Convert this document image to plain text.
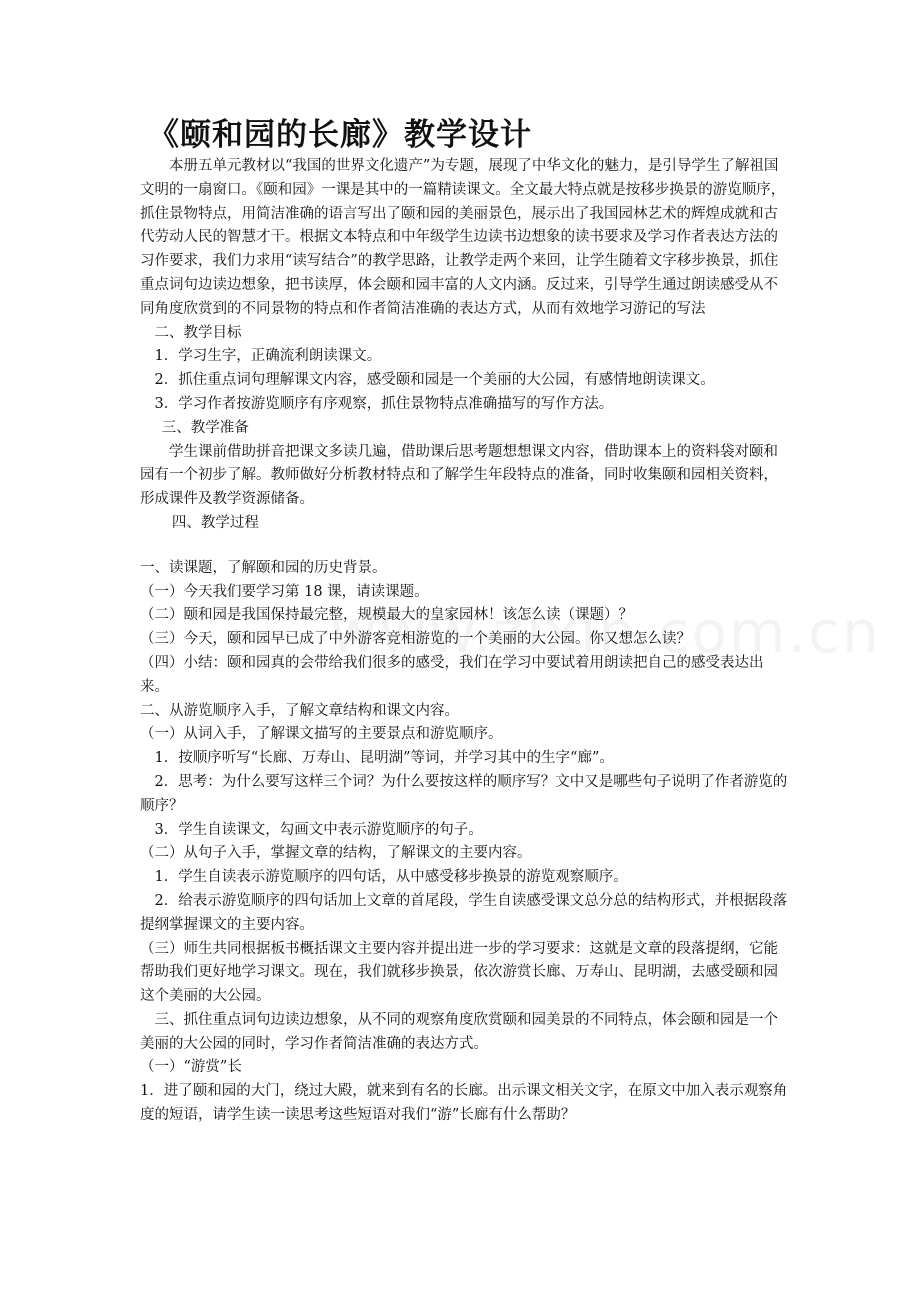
《颐和园的长廊》教学设计

本册五单元教材以“我国的世界文化遗产”为专题，展现了中华文化的魅力，是引导学生了解祖国文明的一扇窗口。《颐和园》一课是其中的一篇精读课文。全文最大特点就是按移步换景的游览顺序，抓住景物特点，用简洁准确的语言写出了颐和园的美丽景色，展示出了我国园林艺术的辉煌成就和古代劳动人民的智慧才干。根据文本特点和中年级学生边读书边想象的读书要求及学习作者表达方法的习作要求，我们力求用“读写结合”的教学思路，让教学走两个来回，让学生随着文字移步换景，抓住重点词句边读边想象，把书读厚，体会颐和园丰富的人文内涵。反过来，引导学生通过朗读感受从不同角度欣赏到的不同景物的特点和作者简洁准确的表达方式，从而有效地学习游记的写法

二、教学目标

1．学习生字，正确流利朗读课文。

2．抓住重点词句理解课文内容，感受颐和园是一个美丽的大公园，有感情地朗读课文。

3．学习作者按游览顺序有序观察，抓住景物特点准确描写的写作方法。

三、教学准备

学生课前借助拼音把课文多读几遍，借助课后思考题想想课文内容，借助课本上的资料袋对颐和园有一个初步了解。教师做好分析教材特点和了解学生年段特点的准备，同时收集颐和园相关资料，形成课件及教学资源储备。

四、教学过程

一、读课题，了解颐和园的历史背景。

（一）今天我们要学习第 18 课，请读课题。

（二）颐和园是我国保持最完整，规模最大的皇家园林！该怎么读（课题）？

（三）今天，颐和园早已成了中外游客竞相游览的一个美丽的大公园。你又想怎么读？

（四）小结：颐和园真的会带给我们很多的感受，我们在学习中要试着用朗读把自己的感受表达出来。

二、从游览顺序入手，了解文章结构和课文内容。

（一）从词入手，了解课文描写的主要景点和游览顺序。

1．按顺序听写“长廊、万寿山、昆明湖”等词，并学习其中的生字“廊”。

2．思考：为什么要写这样三个词？为什么要按这样的顺序写？文中又是哪些句子说明了作者游览的顺序？

3．学生自读课文，勾画文中表示游览顺序的句子。

（二）从句子入手，掌握文章的结构，了解课文的主要内容。

1．学生自读表示游览顺序的四句话，从中感受移步换景的游览观察顺序。

2．给表示游览顺序的四句话加上文章的首尾段，学生自读感受课文总分总的结构形式，并根据段落提纲掌握课文的主要内容。

（三）师生共同根据板书概括课文主要内容并提出进一步的学习要求：这就是文章的段落提纲，它能帮助我们更好地学习课文。现在，我们就移步换景，依次游赏长廊、万寿山、昆明湖，去感受颐和园这个美丽的大公园。

三、抓住重点词句边读边想象，从不同的观察角度欣赏颐和园美景的不同特点，体会颐和园是一个美丽的大公园的同时，学习作者简洁准确的表达方式。

（一）“游赏”长

1．进了颐和园的大门，绕过大殿，就来到有名的长廊。出示课文相关文字，在原文中加入表示观察角度的短语，请学生读一读思考这些短语对我们“游”长廊有什么帮助？
